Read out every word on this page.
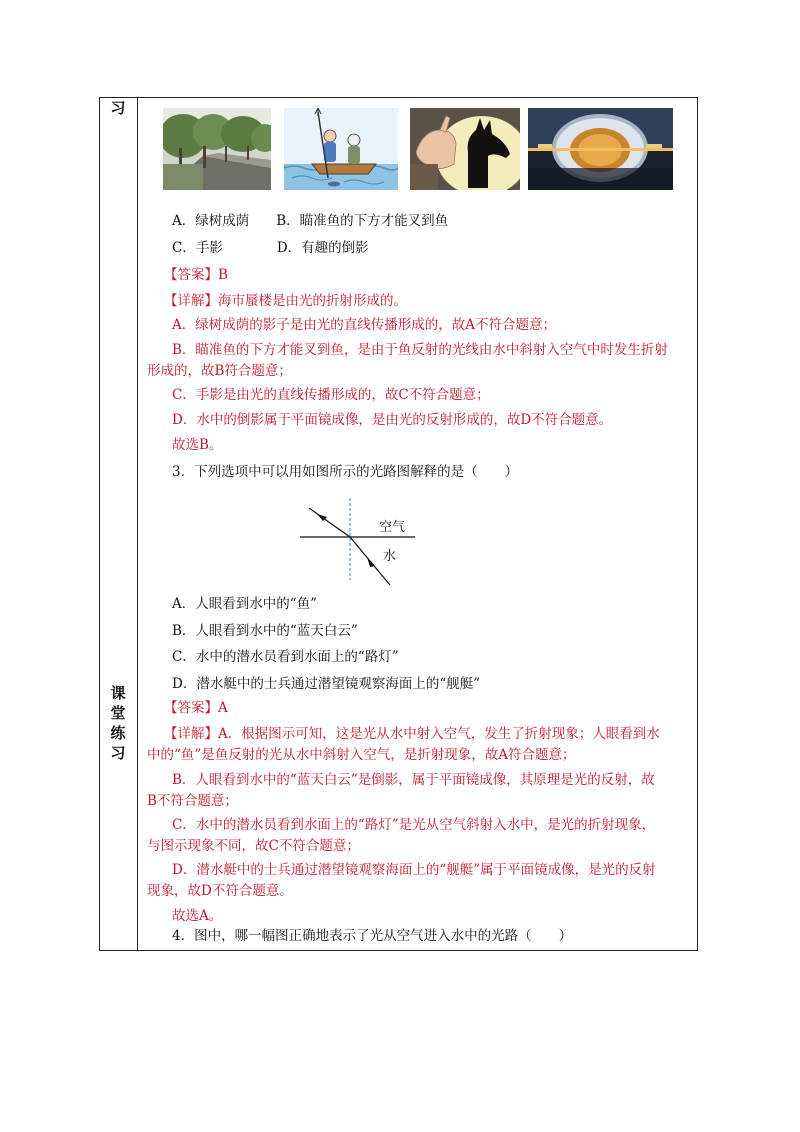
习
课
堂
练
习
A．绿树成荫　　B．瞄准鱼的下方才能叉到鱼
C．手影　　　　D．有趣的倒影
【答案】B
【详解】海市蜃楼是由光的折射形成的。
A．绿树成荫的影子是由光的直线传播形成的，故A不符合题意；
B．瞄准鱼的下方才能叉到鱼，是由于鱼反射的光线由水中斜射入空气中时发生折射
形成的，故B符合题意；
C．手影是由光的直线传播形成的，故C不符合题意；
D．水中的倒影属于平面镜成像，是由光的反射形成的，故D不符合题意。
故选B。
3．下列选项中可以用如图所示的光路图解释的是（　　）
空气
水
A．人眼看到水中的“鱼”
B．人眼看到水中的“蓝天白云”
C．水中的潜水员看到水面上的“路灯”
D．潜水艇中的士兵通过潜望镜观察海面上的“舰艇”
【答案】A
【详解】A．根据图示可知，这是光从水中射入空气，发生了折射现象；人眼看到水
中的“鱼”是鱼反射的光从水中斜射入空气，是折射现象，故A符合题意；
B．人眼看到水中的“蓝天白云”是倒影，属于平面镜成像，其原理是光的反射，故
B不符合题意；
C．水中的潜水员看到水面上的“路灯”是光从空气斜射入水中，是光的折射现象，
与图示现象不同，故C不符合题意；
D．潜水艇中的士兵通过潜望镜观察海面上的“舰艇”属于平面镜成像，是光的反射
现象，故D不符合题意。
故选A。
4．图中，哪一幅图正确地表示了光从空气进入水中的光路（　　）
